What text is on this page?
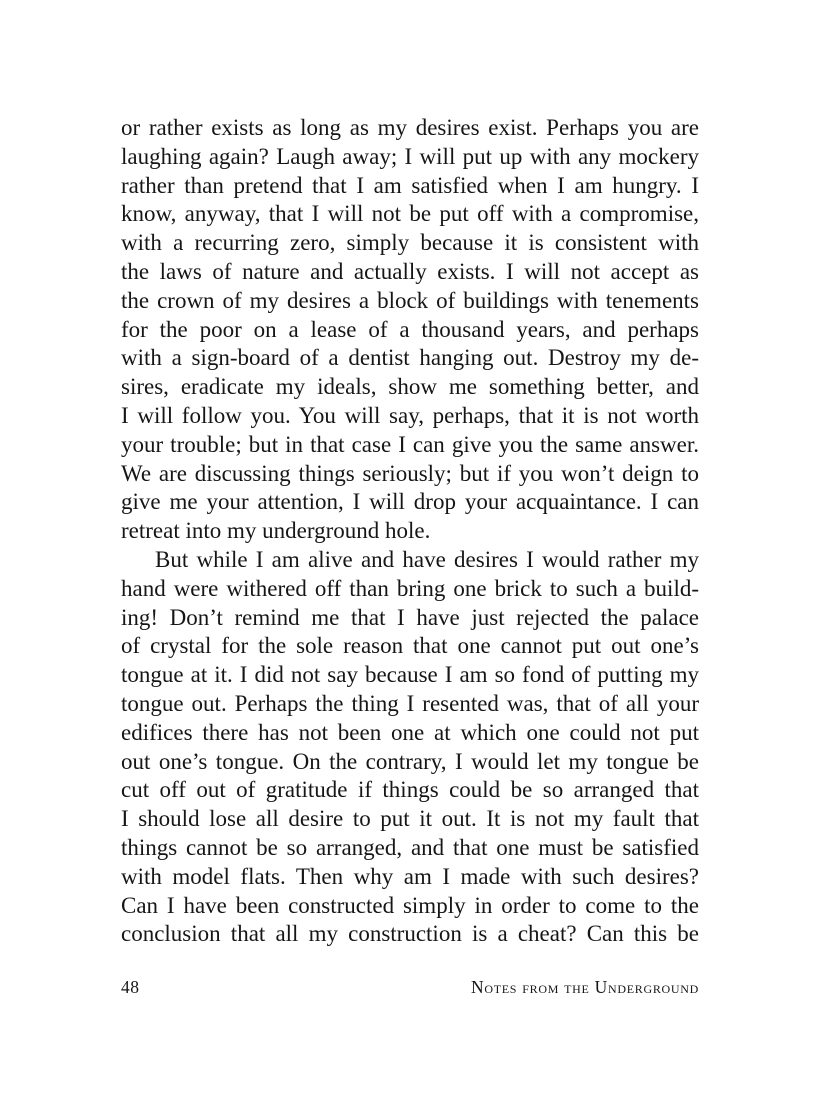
or rather exists as long as my desires exist. Perhaps you are
laughing again? Laugh away; I will put up with any mockery
rather than pretend that I am satisfied when I am hungry. I
know, anyway, that I will not be put off with a compromise,
with a recurring zero, simply because it is consistent with
the laws of nature and actually exists. I will not accept as
the crown of my desires a block of buildings with tenements
for the poor on a lease of a thousand years, and perhaps
with a sign-board of a dentist hanging out. Destroy my de-
sires, eradicate my ideals, show me something better, and
I will follow you. You will say, perhaps, that it is not worth
your trouble; but in that case I can give you the same answer.
We are discussing things seriously; but if you won’t deign to
give me your attention, I will drop your acquaintance. I can
retreat into my underground hole.
But while I am alive and have desires I would rather my
hand were withered off than bring one brick to such a build-
ing! Don’t remind me that I have just rejected the palace
of crystal for the sole reason that one cannot put out one’s
tongue at it. I did not say because I am so fond of putting my
tongue out. Perhaps the thing I resented was, that of all your
edifices there has not been one at which one could not put
out one’s tongue. On the contrary, I would let my tongue be
cut off out of gratitude if things could be so arranged that
I should lose all desire to put it out. It is not my fault that
things cannot be so arranged, and that one must be satisfied
with model flats. Then why am I made with such desires?
Can I have been constructed simply in order to come to the
conclusion that all my construction is a cheat? Can this be
48	Notes from the Underground
